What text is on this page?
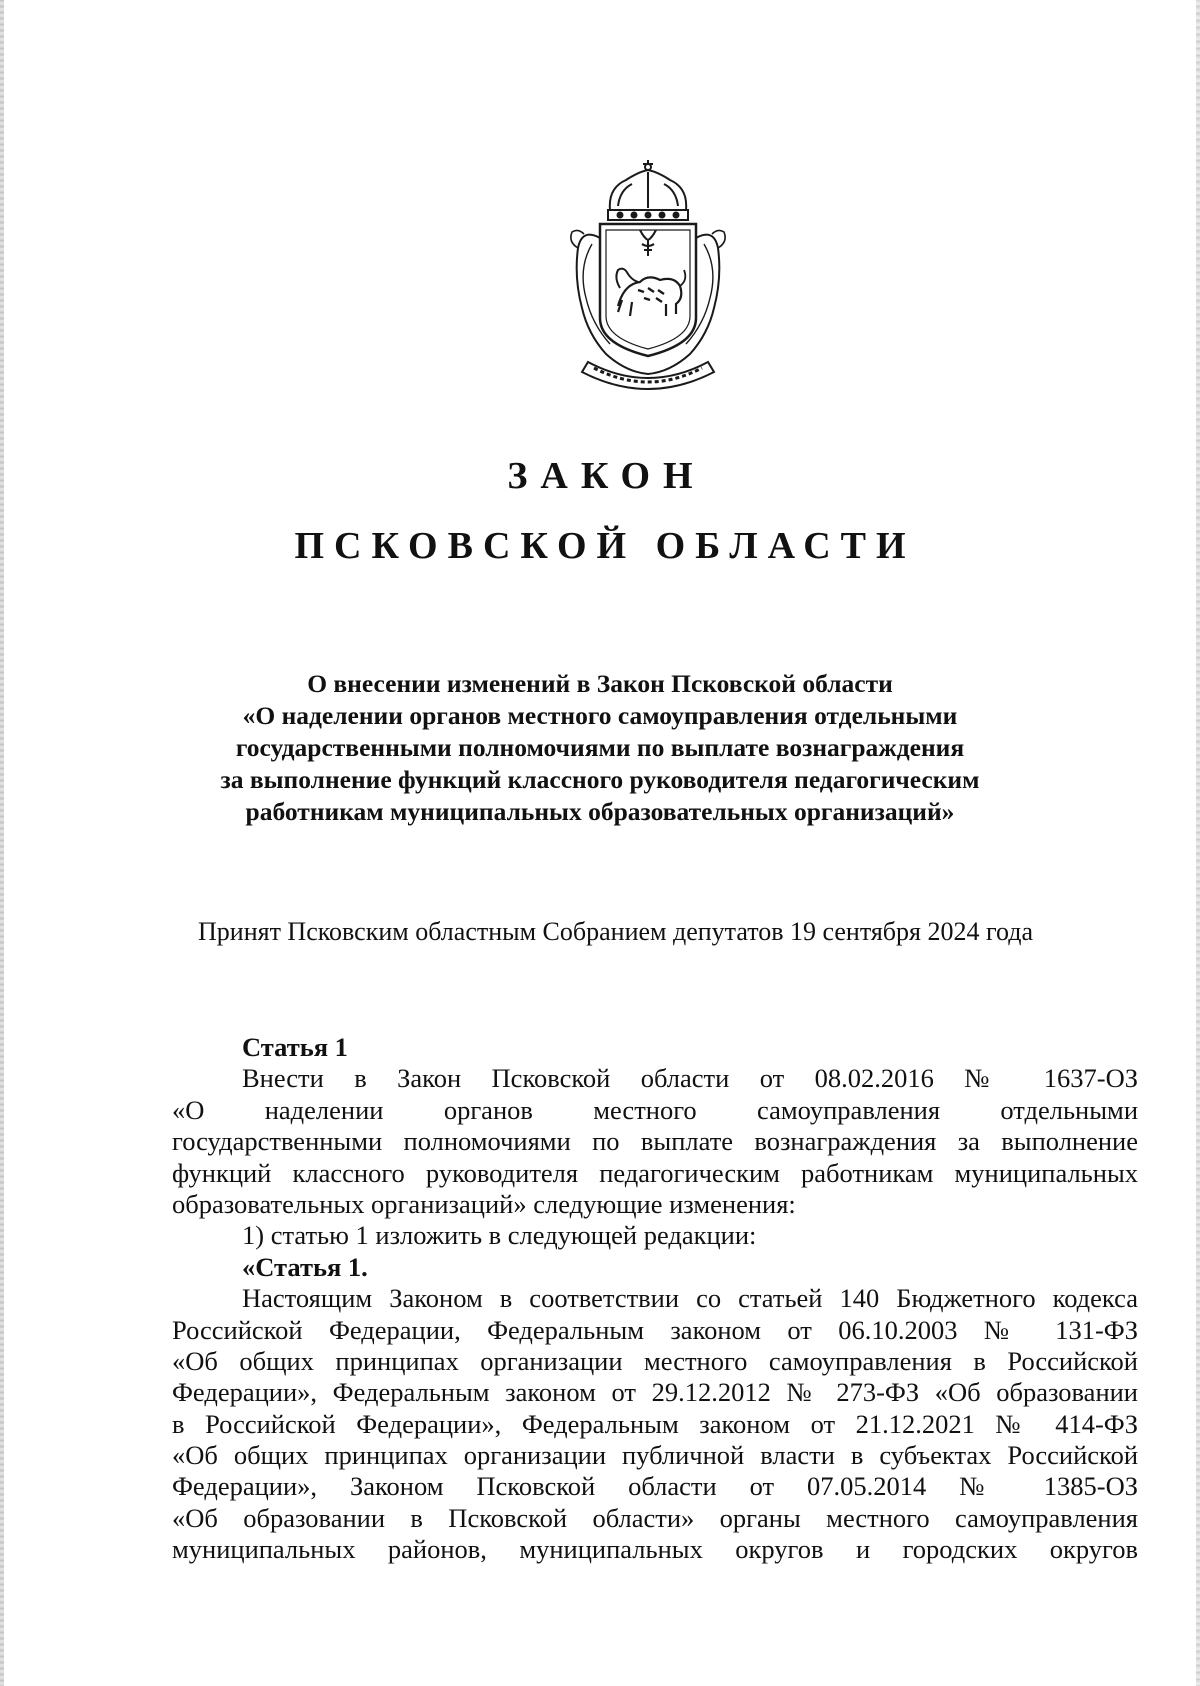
ЗАКОН
ПСКОВСКОЙ ОБЛАСТИ
О внесении изменений в Закон Псковской области
«О наделении органов местного самоуправления отдельными
государственными полномочиями по выплате вознаграждения
за выполнение функций классного руководителя педагогическим
работникам муниципальных образовательных организаций»
Принят Псковским областным Собранием депутатов 19 сентября 2024 года
Статья 1
Внести в Закон Псковской области от 08.02.2016 № 1637-ОЗ
«О наделении органов местного самоуправления отдельными
государственными полномочиями по выплате вознаграждения за выполнение
функций классного руководителя педагогическим работникам муниципальных
образовательных организаций» следующие изменения:
1) статью 1 изложить в следующей редакции:
«Статья 1.
Настоящим Законом в соответствии со статьей 140 Бюджетного кодекса
Российской Федерации, Федеральным законом от 06.10.2003 № 131-ФЗ
«Об общих принципах организации местного самоуправления в Российской
Федерации», Федеральным законом от 29.12.2012 № 273-ФЗ «Об образовании
в Российской Федерации», Федеральным законом от 21.12.2021 № 414-ФЗ
«Об общих принципах организации публичной власти в субъектах Российской
Федерации», Законом Псковской области от 07.05.2014 № 1385-ОЗ
«Об образовании в Псковской области» органы местного самоуправления
муниципальных районов, муниципальных округов и городских округов
